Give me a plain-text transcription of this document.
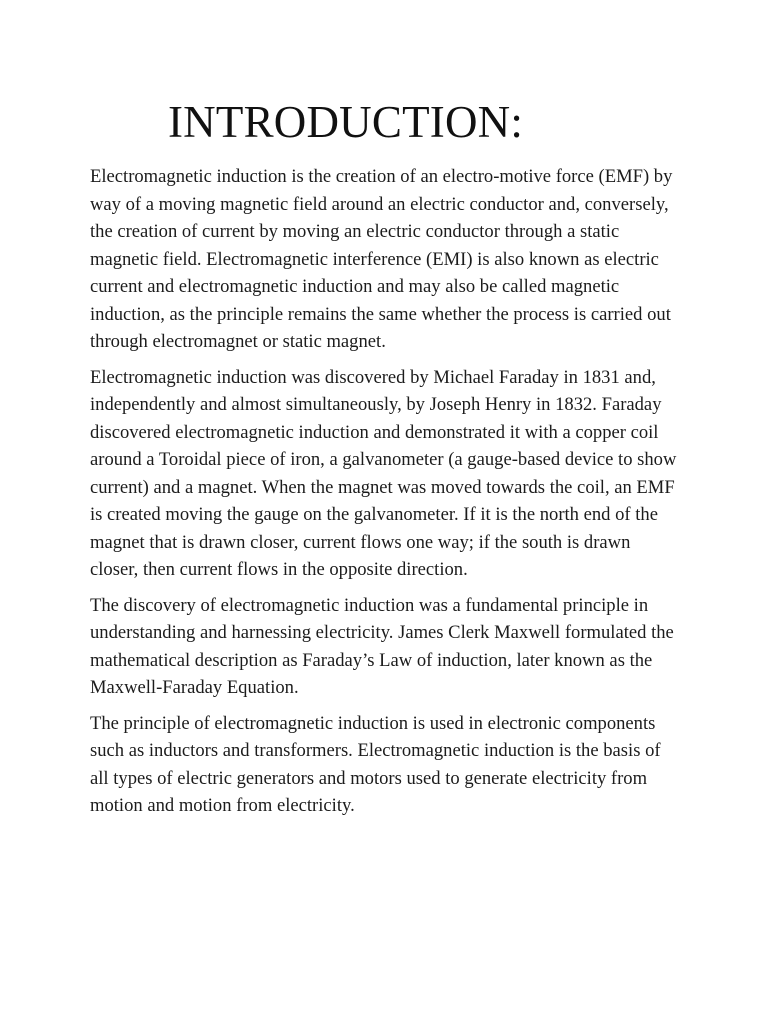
INTRODUCTION:

Electromagnetic induction is the creation of an electro-motive force (EMF) by way of a moving magnetic field around an electric conductor and, conversely, the creation of current by moving an electric conductor through a static magnetic field. Electromagnetic interference (EMI) is also known as electric current and electromagnetic induction and may also be called magnetic induction, as the principle remains the same whether the process is carried out through electromagnet or static magnet.

Electromagnetic induction was discovered by Michael Faraday in 1831 and, independently and almost simultaneously, by Joseph Henry in 1832. Faraday discovered electromagnetic induction and demonstrated it with a copper coil around a Toroidal piece of iron, a galvanometer (a gauge-based device to show current) and a magnet. When the magnet was moved towards the coil, an EMF is created moving the gauge on the galvanometer. If it is the north end of the magnet that is drawn closer, current flows one way; if the south is drawn closer, then current flows in the opposite direction.

The discovery of electromagnetic induction was a fundamental principle in understanding and harnessing electricity. James Clerk Maxwell formulated the mathematical description as Faraday’s Law of induction, later known as the Maxwell-Faraday Equation.

The principle of electromagnetic induction is used in electronic components such as inductors and transformers. Electromagnetic induction is the basis of all types of electric generators and motors used to generate electricity from motion and motion from electricity.
